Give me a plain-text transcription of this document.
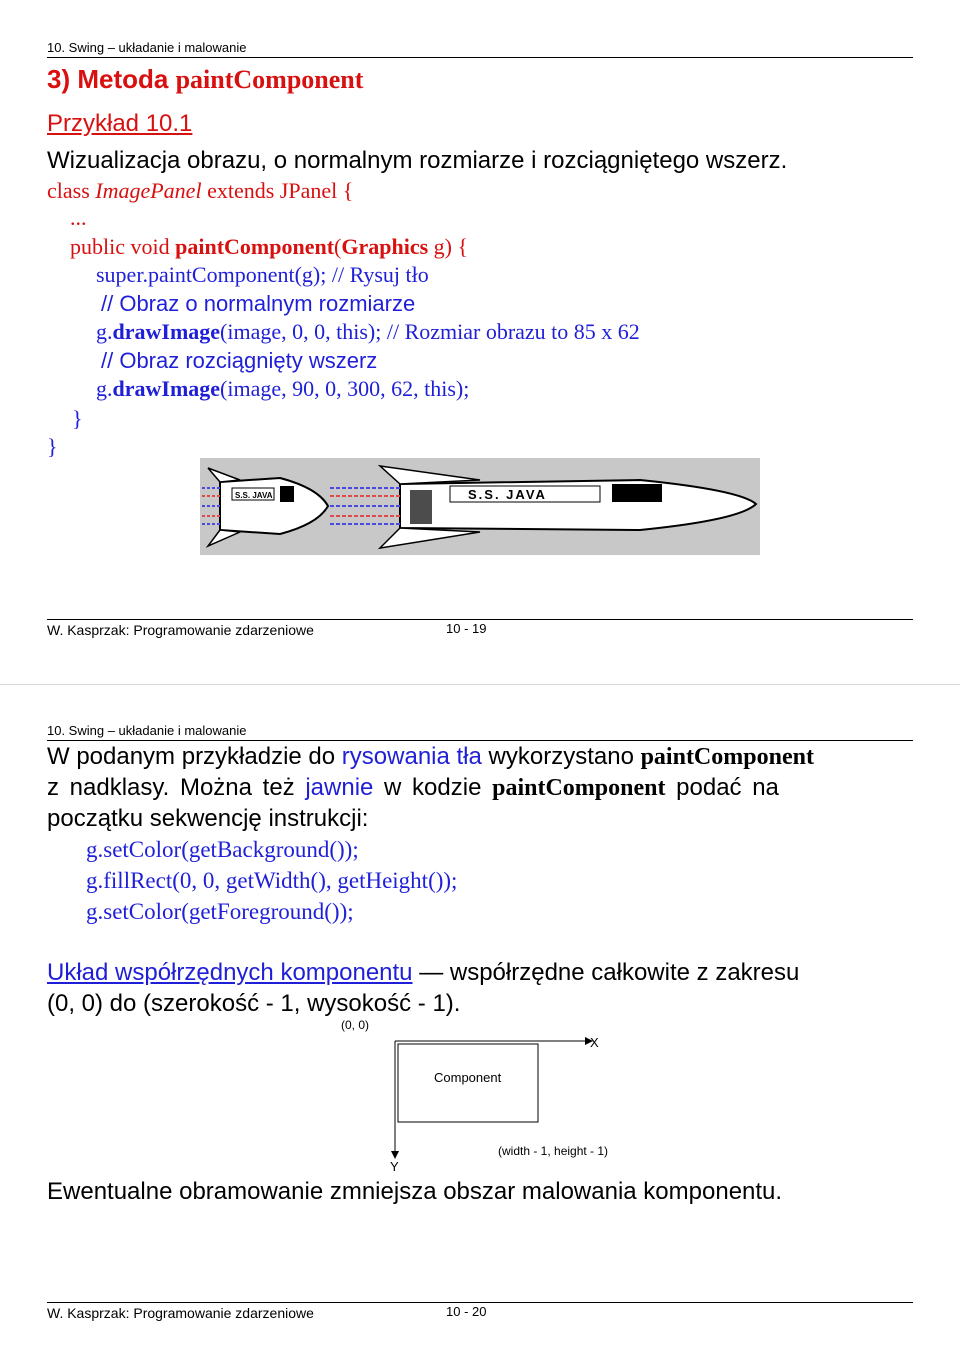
10. Swing – układanie i malowanie
3) Metoda paintComponent
Przykład 10.1
Wizualizacja obrazu, o normalnym rozmiarze i rozciągniętego wszerz.
class ImagePanel extends JPanel {
...
public void paintComponent(Graphics g) {
super.paintComponent(g); // Rysuj tło
// Obraz o normalnym rozmiarze
g.drawImage(image, 0, 0, this); // Rozmiar obrazu to 85 x 62
// Obraz rozciągnięty wszerz
g.drawImage(image, 90, 0, 300, 62, this);
}
}
S.S. JAVA	S.S. JAVA
W. Kasprzak: Programowanie zdarzeniowe	10 - 19
10. Swing – układanie i malowanie
W podanym przykładzie do rysowania tła wykorzystano paintComponent
z nadklasy. Można też jawnie w kodzie paintComponent podać na
początku sekwencję instrukcji:
g.setColor(getBackground());
g.fillRect(0, 0, getWidth(), getHeight());
g.setColor(getForeground());
Układ współrzędnych komponentu — współrzędne całkowite z zakresu
(0, 0) do (szerokość - 1, wysokość - 1).
(0, 0)
X
Y
Component
(width - 1, height - 1)
Ewentualne obramowanie zmniejsza obszar malowania komponentu.
W. Kasprzak: Programowanie zdarzeniowe	10 - 20
